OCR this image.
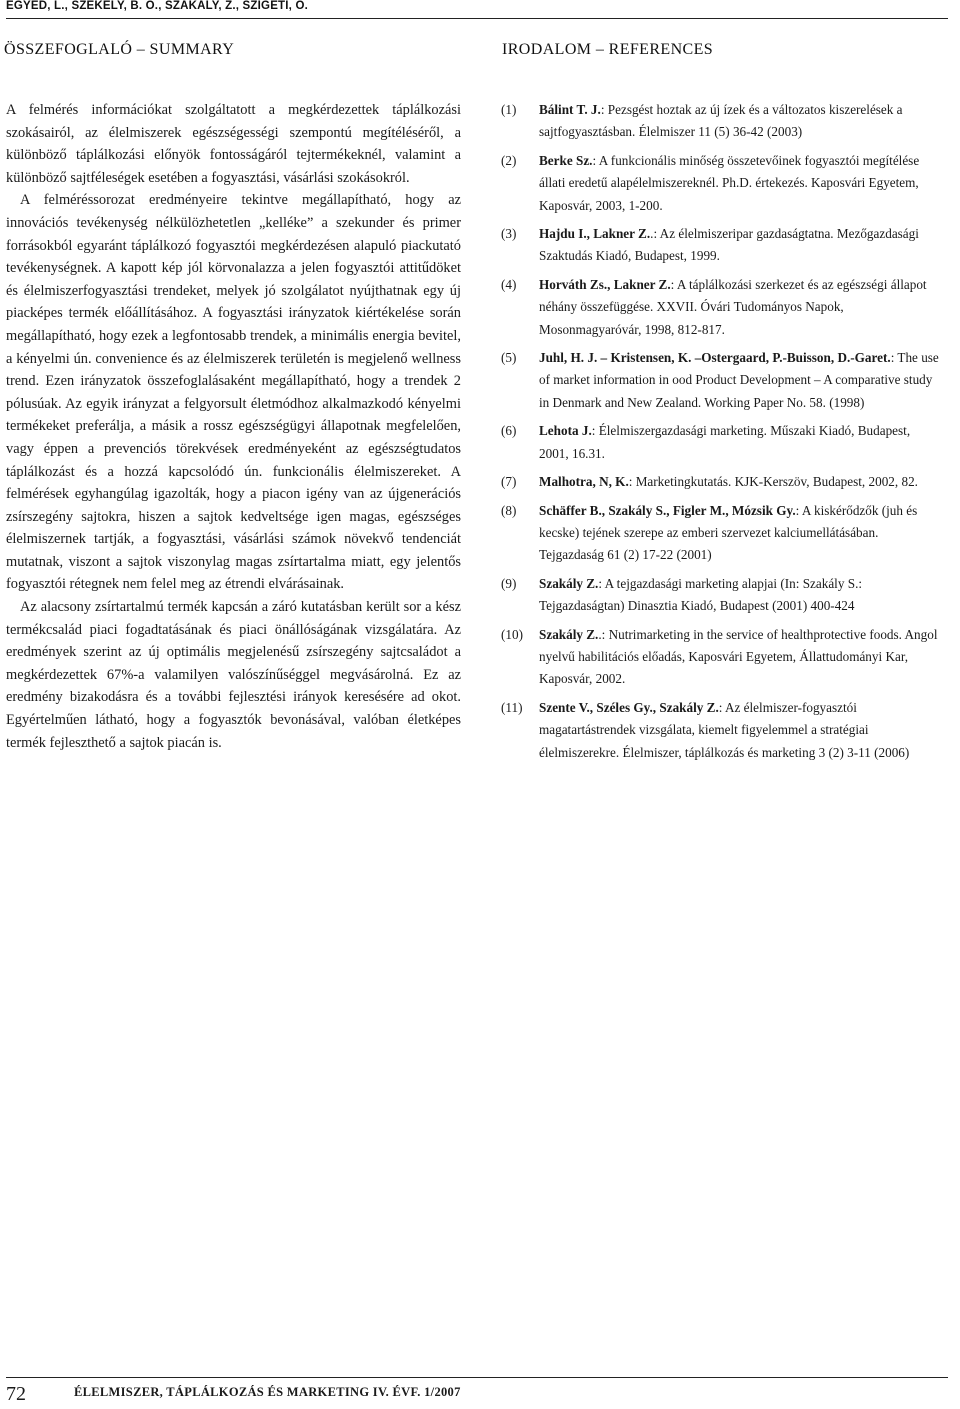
EGYED, L., SZÉKELY, B. O., SZAKÁLY, Z., SZIGETI, O.
ÖSSZEFOGLALÓ – SUMMARY	IRODALOM – REFERENCES

A felmérés információkat szolgáltatott a megkérdezettek táplálkozási szokásairól, az élelmiszerek egészségességi szempontú megítéléséről, a különböző táplálkozási előnyök fontosságáról tejtermékeknél, valamint a különböző sajtféleségek esetében a fogyasztási, vásárlási szokásokról.

A felméréssorozat eredményeire tekintve megállapítható, hogy az innovációs tevékenység nélkülözhetetlen „kelléke” a szekunder és primer forrásokból egyaránt táplálkozó fogyasztói megkérdezésen alapuló piackutató tevékenységnek. A kapott kép jól körvonalazza a jelen fogyasztói attitűdöket és élelmiszerfogyasztási trendeket, melyek jó szolgálatot nyújthatnak egy új piacképes termék előállításához. A fogyasztási irányzatok kiértékelése során megállapítható, hogy ezek a legfontosabb trendek, a minimális energia bevitel, a kényelmi ún. convenience és az élelmiszerek területén is megjelenő wellness trend. Ezen irányzatok összefoglalásaként megállapítható, hogy a trendek 2 pólusúak. Az egyik irányzat a felgyorsult életmódhoz alkalmazkodó kényelmi termékeket preferálja, a másik a rossz egészségügyi állapotnak megfelelően, vagy éppen a prevenciós törekvések eredményeként az egészségtudatos táplálkozást és a hozzá kapcsolódó ún. funkcionális élelmiszereket. A felmérések egyhangúlag igazolták, hogy a piacon igény van az újgenerációs zsírszegény sajtokra, hiszen a sajtok kedveltsége igen magas, egészséges élelmiszernek tartják, a fogyasztási, vásárlási számok növekvő tendenciát mutatnak, viszont a sajtok viszonylag magas zsírtartalma miatt, egy jelentős fogyasztói rétegnek nem felel meg az étrendi elvárásainak.

Az alacsony zsírtartalmú termék kapcsán a záró kutatásban került sor a kész termékcsalád piaci fogadtatásának és piaci önállóságának vizsgálatára. Az eredmények szerint az új optimális megjelenésű zsírszegény sajtcsaládot a megkérdezettek 67%-a valamilyen valószínűséggel megvásárolná. Ez az eredmény bizakodásra és a további fejlesztési irányok keresésére ad okot. Egyértelműen látható, hogy a fogyasztók bevonásával, valóban életképes termék fejleszthető a sajtok piacán is.

(1)	Bálint T. J.: Pezsgést hoztak az új ízek és a változatos kiszerelések a sajtfogyasztásban. Élelmiszer 11 (5) 36-42 (2003)
(2)	Berke Sz.: A funkcionális minőség összetevőinek fogyasztói megítélése állati eredetű alapélelmiszereknél. Ph.D. értekezés. Kaposvári Egyetem, Kaposvár, 2003, 1-200.
(3)	Hajdu I., Lakner Z..: Az élelmiszeripar gazdaságtatna. Mezőgazdasági Szaktudás Kiadó, Budapest, 1999.
(4)	Horváth Zs., Lakner Z.: A táplálkozási szerkezet és az egészségi állapot néhány összefüggése. XXVII. Óvári Tudományos Napok, Mosonmagyaróvár, 1998, 812-817.
(5)	Juhl, H. J. – Kristensen, K. –Ostergaard, P.-Buisson, D.-Garet.: The use of market information in ood Product Development – A comparative study in Denmark and New Zealand. Working Paper No. 58. (1998)
(6)	Lehota J.: Élelmiszergazdasági marketing. Műszaki Kiadó, Budapest, 2001, 16.31.
(7)	Malhotra, N, K.: Marketingkutatás. KJK-Kerszöv, Budapest, 2002, 82.
(8)	Schäffer B., Szakály S., Figler M., Mózsik Gy.: A kiskérődzők (juh és kecske) tejének szerepe az emberi szervezet kalciumellátásában. Tejgazdaság 61 (2) 17-22 (2001)
(9)	Szakály Z.: A tejgazdasági marketing alapjai (In: Szakály S.: Tejgazdaságtan) Dinasztia Kiadó, Budapest (2001) 400-424
(10)	Szakály Z..: Nutrimarketing in the service of healthprotective foods. Angol nyelvű habilitációs előadás, Kaposvári Egyetem, Állattudományi Kar, Kaposvár, 2002.
(11)	Szente V., Széles Gy., Szakály Z.: Az élelmiszer-fogyasztói magatartástrendek vizsgálata, kiemelt figyelemmel a stratégiai élelmiszerekre. Élelmiszer, táplálkozás és marketing 3 (2) 3-11 (2006)
72	ÉLELMISZER, TÁPLÁLKOZÁS ÉS MARKETING IV. ÉVF. 1/2007
